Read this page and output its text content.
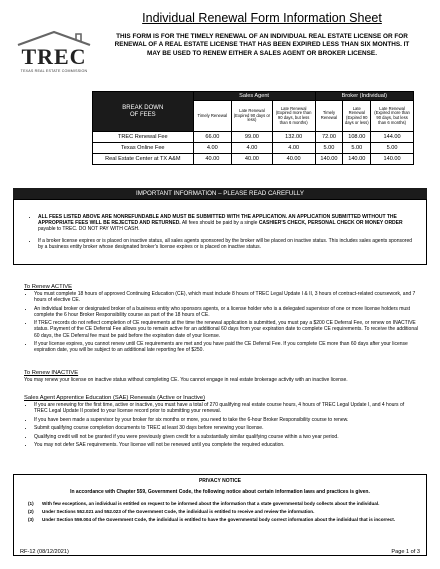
TREC
TEXAS REAL ESTATE COMMISSION
Individual Renewal Form Information Sheet
THIS FORM IS FOR THE TIMELY RENEWAL OF AN INDIVIDUAL REAL ESTATE LICENSE OR FOR RENEWAL OF A REAL ESTATE LICENSE THAT HAS BEEN EXPIRED LESS THAN SIX MONTHS. IT MAY BE USED TO RENEW EITHER A SALES AGENT OR BROKER LICENSE.
BREAK DOWN
OF FEES	Sales Agent			Broker (Individual)		
	Timely Renewal	Late Renewal (Expired 90 days or less)	Late Renewal (Expired more than 90 days, but less than 6 months)	Timely Renewal	Late Renewal (Expired 90 days or less)	Late Renewal (Expired more than 90 days, but less than 6 months)
TREC Renewal Fee	66.00	99.00	132.00	72.00	108.00	144.00
Texas Online Fee	4.00	4.00	4.00	5.00	5.00	5.00
Real Estate Center at TX A&M	40.00	40.00	40.00	140.00	140.00	140.00
IMPORTANT INFORMATION – PLEASE READ CAREFULLY
• ALL FEES LISTED ABOVE ARE NONREFUNDABLE AND MUST BE SUBMITTED WITH THE APPLICATION. AN APPLICATION SUBMITTED WITHOUT THE APPROPRIATE FEES WILL BE REJECTED AND RETURNED. All fees should be paid by a single CASHIER'S CHECK, PERSONAL CHECK OR MONEY ORDER payable to TREC. DO NOT PAY WITH CASH.
• If a broker license expires or is placed on inactive status, all sales agents sponsored by the broker will be placed on inactive status. This includes sales agents sponsored by a business entity broker whose designated broker's license expires or is placed on inactive status.
To Renew ACTIVE
• You must complete 18 hours of approved Continuing Education (CE), which must include 8 hours of TREC Legal Update I & II, 3 hours of contract-related coursework, and 7 hours of elective CE.
• An individual broker or designated broker of a business entity who sponsors agents, or a license holder who is a delegated supervisor of one or more license holders must complete the 6 hour Broker Responsibility course as part of the 18 hours of CE.
• If TREC records do not reflect completion of CE requirements at the time the renewal application is submitted, you must pay a $200 CE Deferral Fee, or renew on INACTIVE status. Payment of the CE Deferral Fee allows you to remain active for an additional 60 days from your expiration date to complete CE requirements. To receive the additional 60 days, the CE Deferral fee must be paid before the expiration date of your license.
• If your license expires, you cannot renew until CE requirements are met and you have paid the CE Deferral Fee. If you complete CE more than 60 days after your license expiration date, you will be subject to an additional late reporting fee of $250.
To Renew INACTIVE

You may renew your license on inactive status without completing CE. You cannot engage in real estate brokerage activity with an inactive license.

Sales Agent Apprentice Education (SAE) Renewals (Active or Inactive)
• If you are renewing for the first time, active or inactive, you must have a total of 270 qualifying real estate course hours, 4 hours of TREC Legal Update I, and 4 hours of TREC Legal Update II posted to your license record prior to submitting your renewal.
• If you have been made a supervisor by your broker for six months or more, you need to take the 6-hour Broker Responsibility course to renew.
• Submit qualifying course completion documents to TREC at least 30 days before renewing your license.
• Qualifying credit will not be granted if you were previously given credit for a substantially similar qualifying course within a two year period.
• You may not defer SAE requirements. Your license will not be renewed until you complete the required education.
PRIVACY NOTICE
In accordance with Chapter 559, Government Code, the following notice about certain information laws and practices is given.
(1)	With few exceptions, an individual is entitled on request to be informed about the information that a state governmental body collects about the individual.
(2)	Under Sections 552.021 and 552.023 of the Government Code, the individual is entitled to receive and review the information.
(3)	Under Section 559.004 of the Government Code, the individual is entitled to have the governmental body correct information about the individual that is incorrect.
RF-12 (08/12/2021)	Page 1 of 3
